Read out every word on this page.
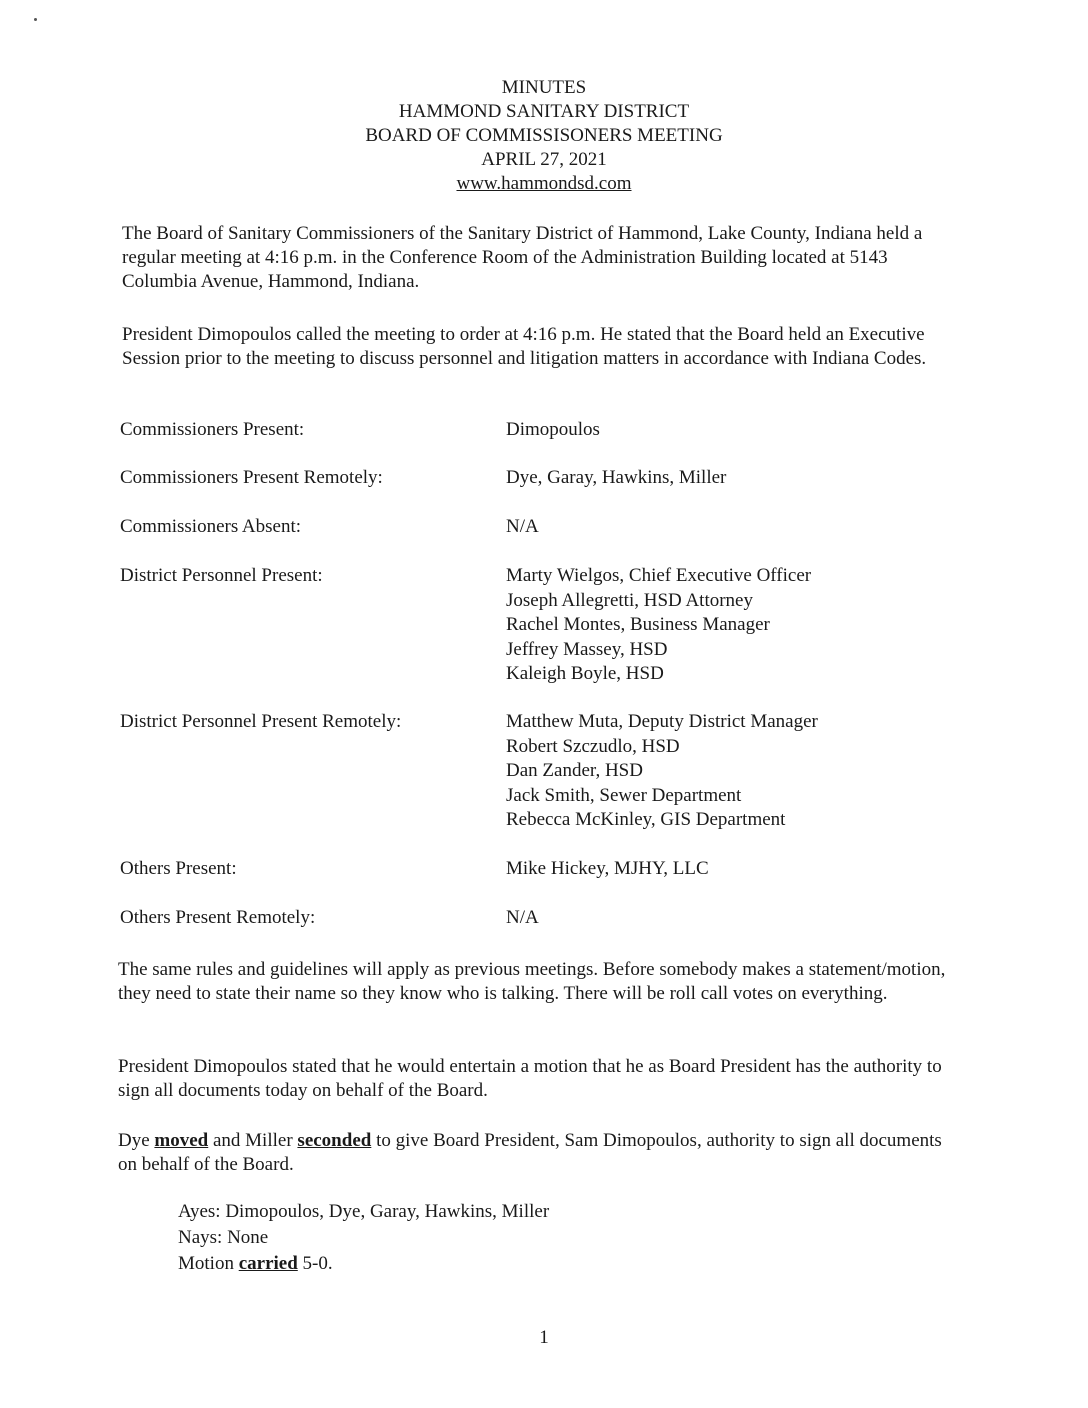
MINUTES
HAMMOND SANITARY DISTRICT
BOARD OF COMMISSISONERS MEETING
APRIL 27, 2021
www.hammondsd.com

The Board of Sanitary Commissioners of the Sanitary District of Hammond, Lake County, Indiana held a regular meeting at 4:16 p.m. in the Conference Room of the Administration Building located at 5143 Columbia Avenue, Hammond, Indiana.

President Dimopoulos called the meeting to order at 4:16 p.m. He stated that the Board held an Executive Session prior to the meeting to discuss personnel and litigation matters in accordance with Indiana Codes.

Commissioners Present:	Dimopoulos
Commissioners Present Remotely:	Dye, Garay, Hawkins, Miller
Commissioners Absent:	N/A
District Personnel Present:	Marty Wielgos, Chief Executive Officer
Joseph Allegretti, HSD Attorney
Rachel Montes, Business Manager
Jeffrey Massey, HSD
Kaleigh Boyle, HSD
District Personnel Present Remotely:	Matthew Muta, Deputy District Manager
Robert Szczudlo, HSD
Dan Zander, HSD
Jack Smith, Sewer Department
Rebecca McKinley, GIS Department
Others Present:	Mike Hickey, MJHY, LLC
Others Present Remotely:	N/A

The same rules and guidelines will apply as previous meetings. Before somebody makes a statement/motion, they need to state their name so they know who is talking. There will be roll call votes on everything.

President Dimopoulos stated that he would entertain a motion that he as Board President has the authority to sign all documents today on behalf of the Board.

Dye moved and Miller seconded to give Board President, Sam Dimopoulos, authority to sign all documents on behalf of the Board.

Ayes: Dimopoulos, Dye, Garay, Hawkins, Miller
Nays: None
Motion carried 5-0.
1
